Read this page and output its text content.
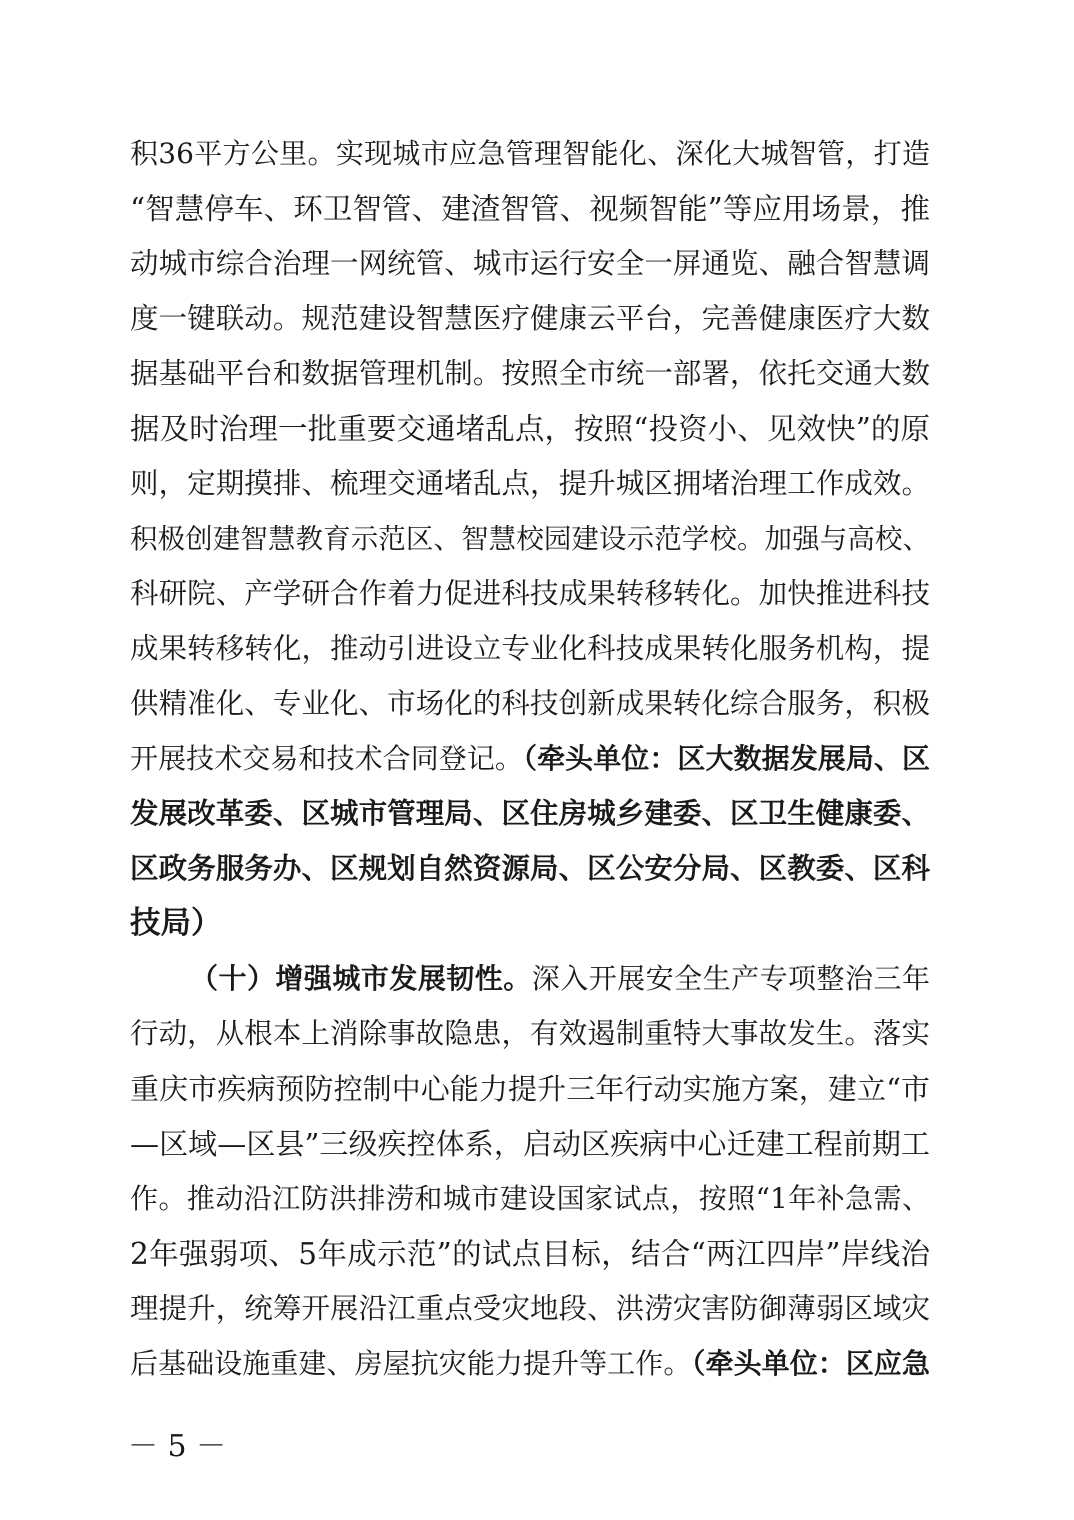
积36平方公里。实现城市应急管理智能化、深化大城智管，打造
“智慧停车、环卫智管、建渣智管、视频智能”等应用场景，推
动城市综合治理一网统管、城市运行安全一屏通览、融合智慧调
度一键联动。规范建设智慧医疗健康云平台，完善健康医疗大数
据基础平台和数据管理机制。按照全市统一部署，依托交通大数
据及时治理一批重要交通堵乱点，按照“投资小、见效快”的原
则，定期摸排、梳理交通堵乱点，提升城区拥堵治理工作成效。
积极创建智慧教育示范区、智慧校园建设示范学校。加强与高校、
科研院、产学研合作着力促进科技成果转移转化。加快推进科技
成果转移转化，推动引进设立专业化科技成果转化服务机构，提
供精准化、专业化、市场化的科技创新成果转化综合服务，积极
开展技术交易和技术合同登记。（牵头单位：区大数据发展局、区
发展改革委、区城市管理局、区住房城乡建委、区卫生健康委、
区政务服务办、区规划自然资源局、区公安分局、区教委、区科
技局）
（十）增强城市发展韧性。深入开展安全生产专项整治三年
行动，从根本上消除事故隐患，有效遏制重特大事故发生。落实
重庆市疾病预防控制中心能力提升三年行动实施方案，建立“市
—区域—区县”三级疾控体系，启动区疾病中心迁建工程前期工
作。推动沿江防洪排涝和城市建设国家试点，按照“1年补急需、
2年强弱项、5年成示范”的试点目标，结合“两江四岸”岸线治
理提升，统筹开展沿江重点受灾地段、洪涝灾害防御薄弱区域灾
后基础设施重建、房屋抗灾能力提升等工作。（牵头单位：区应急
－ 5 －
